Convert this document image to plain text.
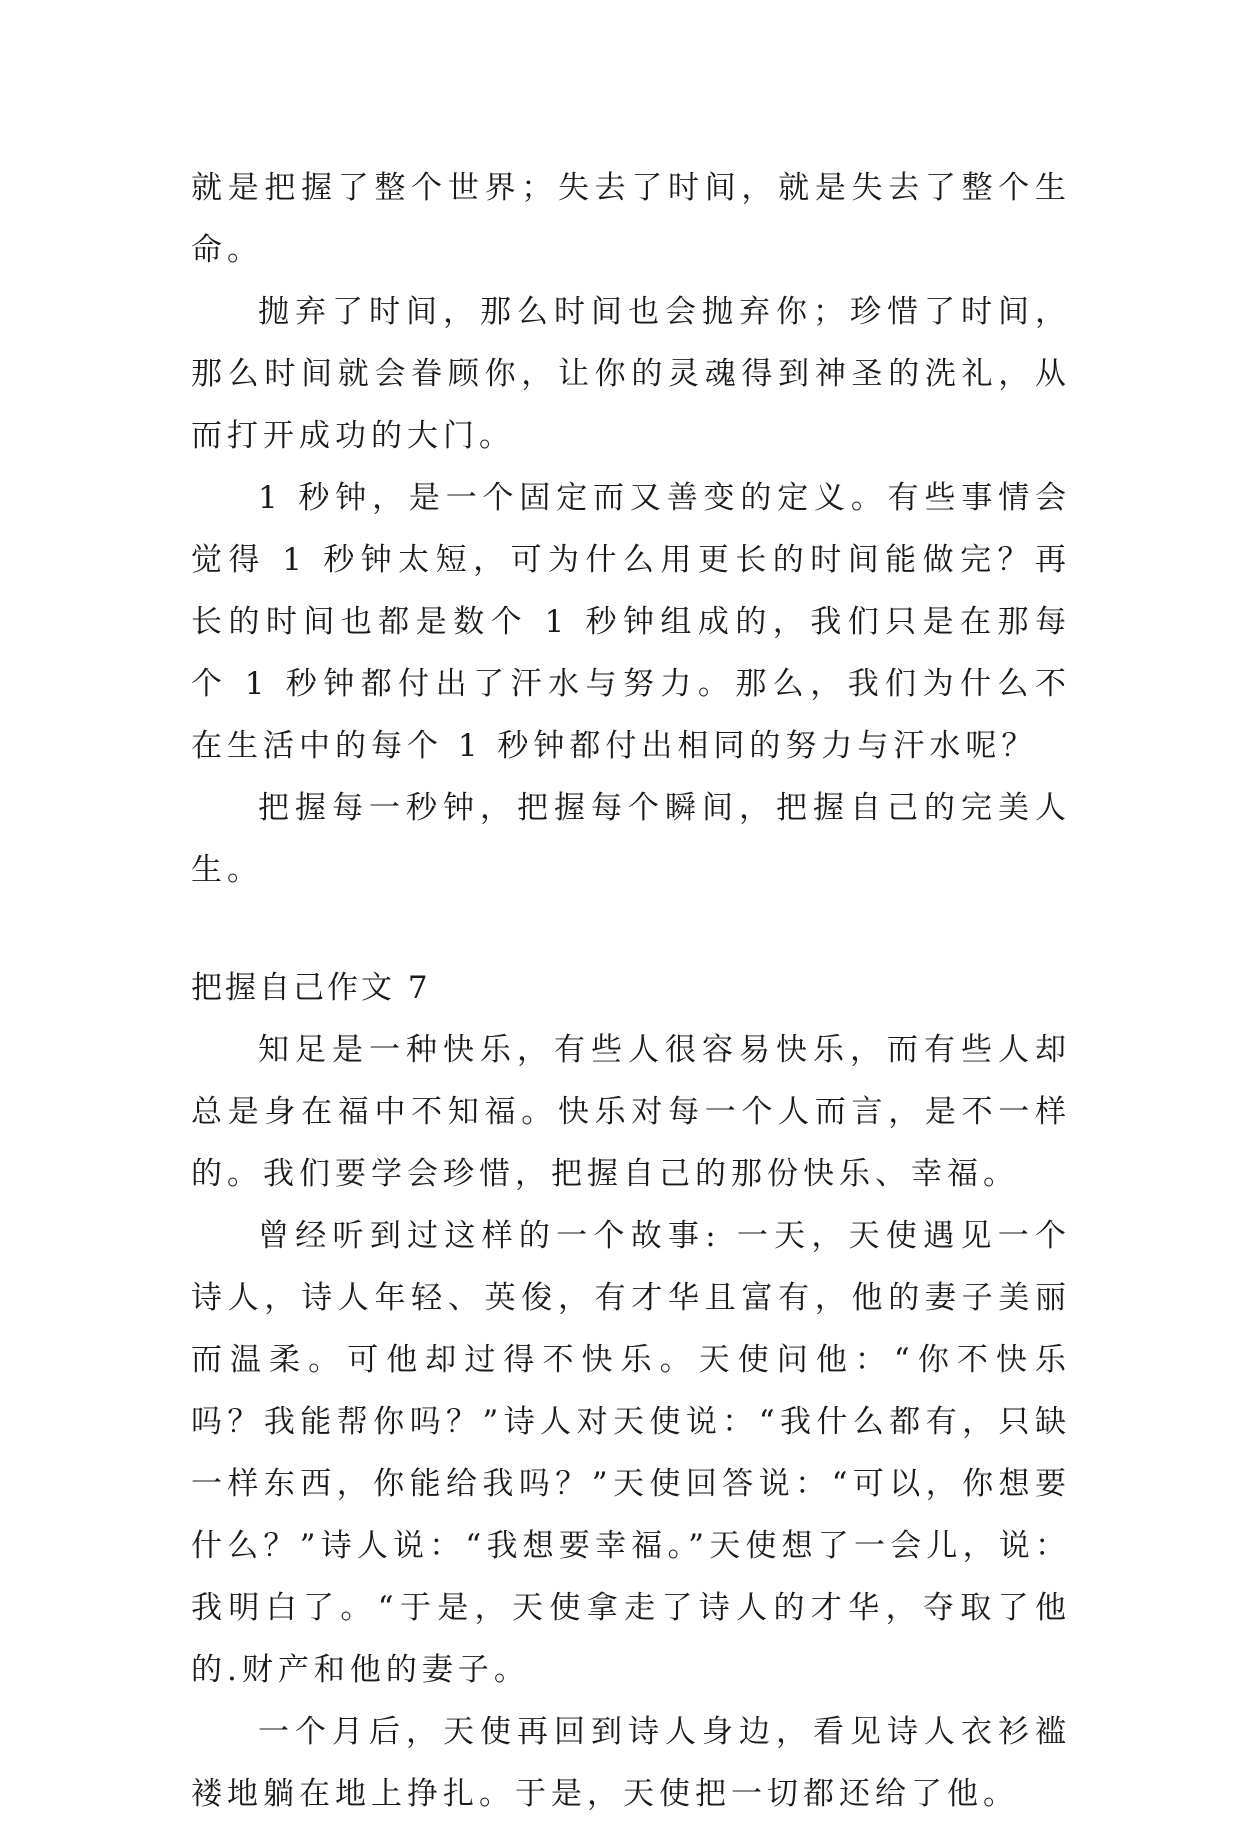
就是把握了整个世界；失去了时间，就是失去了整个生命。

抛弃了时间，那么时间也会抛弃你；珍惜了时间，那么时间就会眷顾你，让你的灵魂得到神圣的洗礼，从而打开成功的大门。

1 秒钟，是一个固定而又善变的定义。有些事情会觉得 1 秒钟太短，可为什么用更长的时间能做完？再长的时间也都是数个 1 秒钟组成的，我们只是在那每个 1 秒钟都付出了汗水与努力。那么，我们为什么不在生活中的每个 1 秒钟都付出相同的努力与汗水呢？

把握每一秒钟，把握每个瞬间，把握自己的完美人生。

把握自己作文 7

知足是一种快乐，有些人很容易快乐，而有些人却总是身在福中不知福。快乐对每一个人而言，是不一样的。我们要学会珍惜，把握自己的那份快乐、幸福。

曾经听到过这样的一个故事: 一天，天使遇见一个诗人，诗人年轻、英俊，有才华且富有，他的妻子美丽而温柔。可他却过得不快乐。天使问他：“你不快乐吗？我能帮你吗？”诗人对天使说：“我什么都有，只缺一样东西，你能给我吗？”天使回答说：“可以，你想要什么？”诗人说：“我想要幸福。”天使想了一会儿，说：我明白了。“于是，天使拿走了诗人的才华，夺取了他的.财产和他的妻子。

一个月后，天使再回到诗人身边，看见诗人衣衫褴褛地躺在地上挣扎。于是，天使把一切都还给了他。
